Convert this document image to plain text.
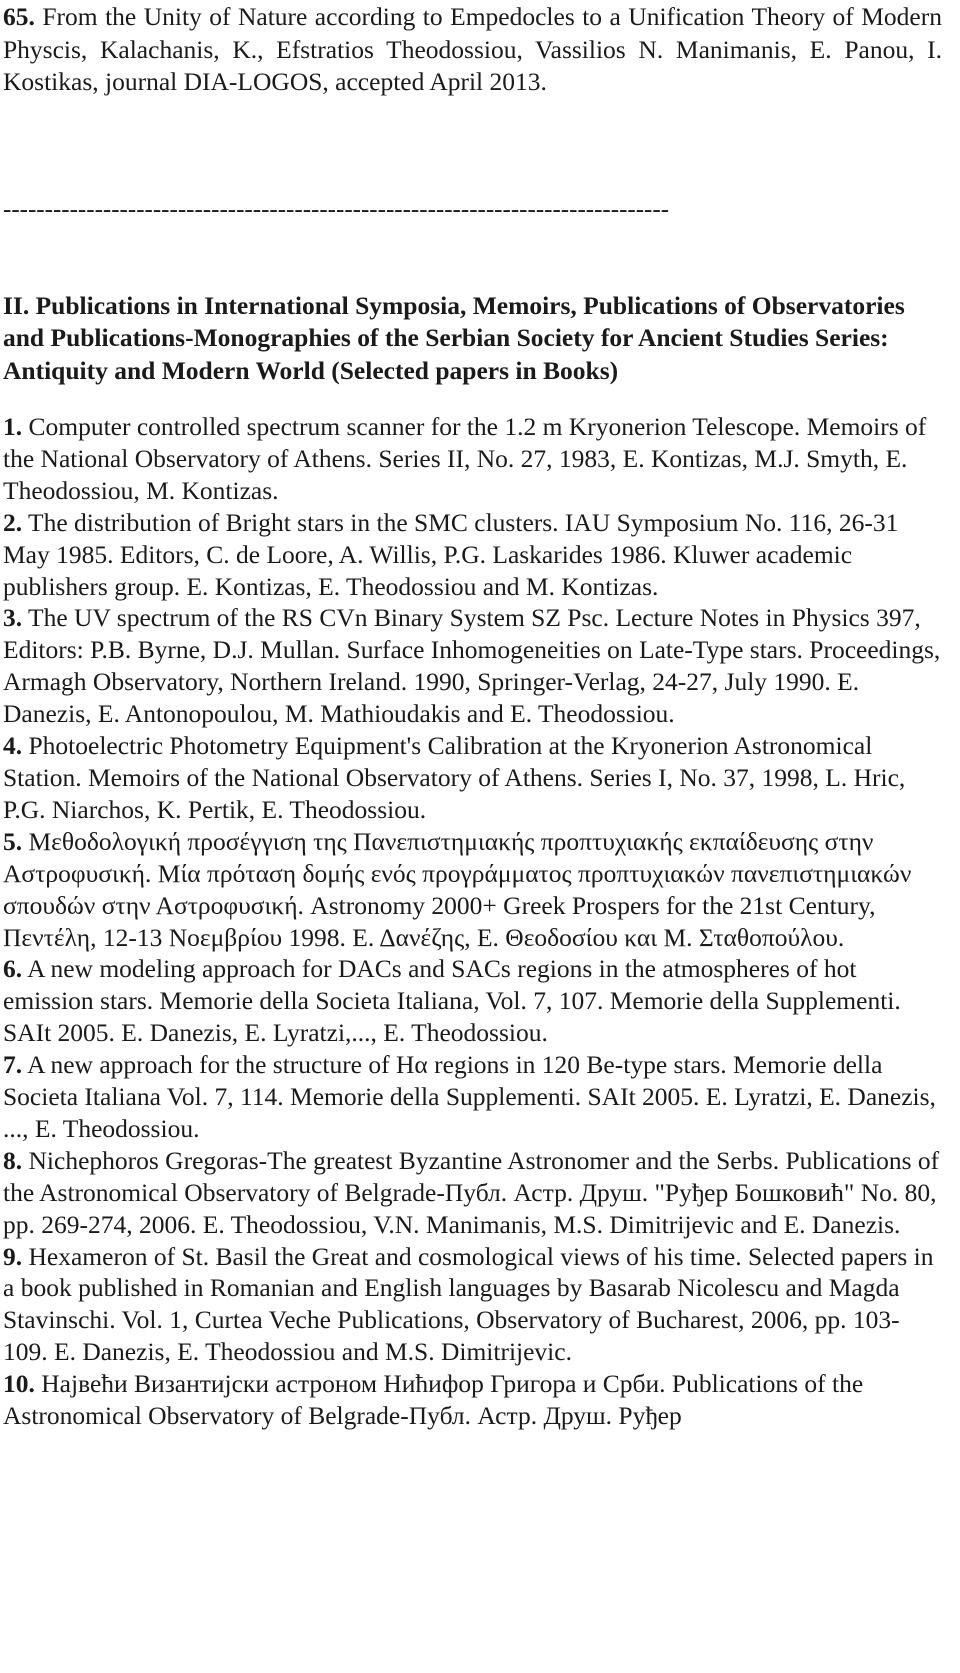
65. From the Unity of Nature according to Empedocles to a Unification Theory of Modern Physcis, Kalachanis, K., Efstratios Theodossiou, Vassilios N. Manimanis, E. Panou, I. Kostikas, journal DIA-LOGOS, accepted April 2013.

--------------------------------------------------------------------------------

II. Publications in International Symposia, Memoirs, Publications of Observatories and Publications-Monographies of the Serbian Society for Ancient Studies Series: Antiquity and Modern World (Selected papers in Books)

1. Computer controlled spectrum scanner for the 1.2 m Kryonerion Telescope. Memoirs of the National Observatory of Athens. Series II, No. 27, 1983, E. Kontizas, M.J. Smyth, E. Theodossiou, M. Kontizas.

2. The distribution of Bright stars in the SMC clusters. IAU Symposium No. 116, 26-31 May 1985. Editors, C. de Loore, A. Willis, P.G. Laskarides 1986. Kluwer academic publishers group. E. Kontizas, E. Theodossiou and M. Kontizas.

3. The UV spectrum of the RS CVn Binary System SZ Psc. Lecture Notes in Physics 397, Editors: P.B. Byrne, D.J. Mullan. Surface Inhomogeneities on Late-Type stars. Proceedings, Armagh Observatory, Northern Ireland. 1990, Springer-Verlag, 24-27, July 1990. E. Danezis, E. Antonopoulou, M. Mathioudakis and E. Theodossiou.

4. Photoelectric Photometry Equipment's Calibration at the Kryonerion Astronomical Station. Memoirs of the National Observatory of Athens. Series I, No. 37, 1998, L. Hric, P.G. Niarchos, K. Pertik, E. Theodossiou.

5. Μεθοδολογική προσέγγιση της Πανεπιστημιακής προπτυχιακής εκπαίδευσης στην Αστροφυσική. Μία πρόταση δομής ενός προγράμματος προπτυχιακών πανεπιστημιακών σπουδών στην Αστροφυσική. Astronomy 2000+ Greek Prospers for the 21st Century, Πεντέλη, 12-13 Νοεμβρίου 1998. Ε. Δανέζης, Ε. Θεοδοσίου και Μ. Σταθοπούλου.

6. A new modeling approach for DACs and SACs regions in the atmospheres of hot emission stars. Memorie della Societa Italiana, Vol. 7, 107. Memorie della Supplementi. SAIt 2005. E. Danezis, E. Lyratzi,..., E. Theodossiou.

7. A new approach for the structure of Hα regions in 120 Be-type stars. Memorie della Societa Italiana Vol. 7, 114. Memorie della Supplementi. SAIt 2005. E. Lyratzi, E. Danezis, ..., E. Theodossiou.

8. Nichephoros Gregoras-The greatest Byzantine Astronomer and the Serbs. Publications of the Astronomical Observatory of Belgrade-Публ. Астр. Друш. "Руђер Бошковић" No. 80, pp. 269-274, 2006. E. Theodossiou, V.N. Manimanis, M.S. Dimitrijevic and E. Danezis.

9. Hexameron of St. Basil the Great and cosmological views of his time. Selected papers in a book published in Romanian and English languages by Basarab Nicolescu and Magda Stavinschi. Vol. 1, Curtea Veche Publications, Observatory of Bucharest, 2006, pp. 103-109. E. Danezis, E. Theodossiou and M.S. Dimitrijevic.

10. Највећи Византијски астроном Нићифор Григора и Срби. Publications of the Astronomical Observatory of Belgrade-Публ. Астр. Друш. Руђер
